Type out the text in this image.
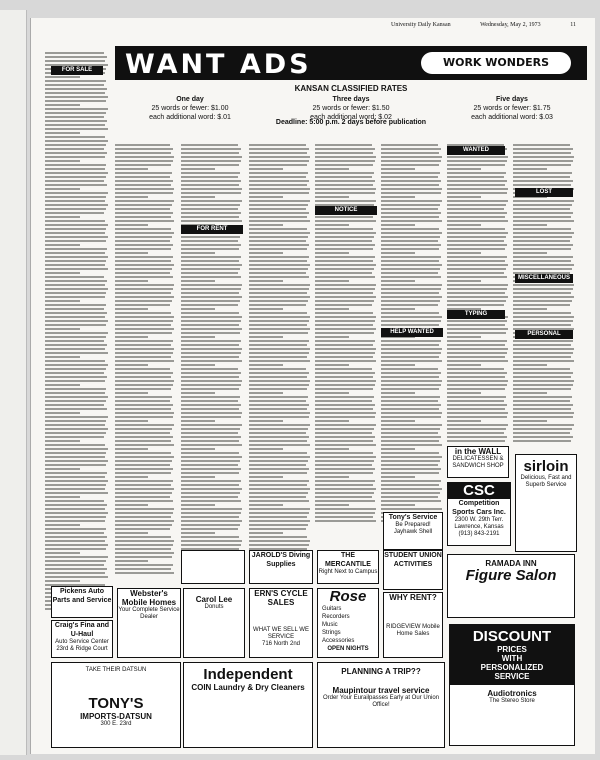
University Daily Kansan	Wednesday, May 2, 1973	11
WANT ADS	WORK WONDERS
KANSAN CLASSIFIED RATES
One day
25 words or fewer: $1.00
each additional word: $.01
Three days
25 words or fewer: $1.50
each additional word: $.02
Five days
25 words or fewer: $1.75
each additional word: $.03
Deadline: 5:00 p.m. 2 days before publication
FOR SALE
FOR RENT
NOTICE
HELP WANTED
WANTED
TYPING
LOST
MISCELLANEOUS
PERSONAL
in the WALL
DELICATESSEN & SANDWICH SHOP	sirloin
Delicious, Fast and Superb Service
CSC
Competition Sports Cars Inc.
2300 W. 29th Terr. Lawrence, Kansas
(913) 843-2191
Tony's Service
Be Prepared! Jayhawk Shell
RAMADA INN
Figure Salon
JAROLD'S Diving Supplies
THE MERCANTILE
Right Next to Campus
STUDENT UNION ACTIVITIES
Pickens Auto Parts and Service
Craig's Fina and U-Haul
Auto Service Center 23rd & Ridge Court
Webster's Mobile Homes
Your Complete Service Dealer
Carol Lee
Donuts
ERN'S CYCLE SALES
WHAT WE SELL WE SERVICE
716 North 2nd
Rose
Guitars
Recorders
Music
Strings
Accessories
OPEN NIGHTS
WHY RENT?
RIDGEVIEW Mobile Home Sales	DISCOUNT
PRICES
WITH
PERSONALIZED
SERVICE
Audiotronics
The Stereo Store
TAKE THEIR DATSUN
TONY'S
IMPORTS-DATSUN
300 E. 23rd
Independent
COIN Laundry & Dry Cleaners
PLANNING A TRIP??
Maupintour travel service
Order Your Eurailpasses Early at Our Union Office!
